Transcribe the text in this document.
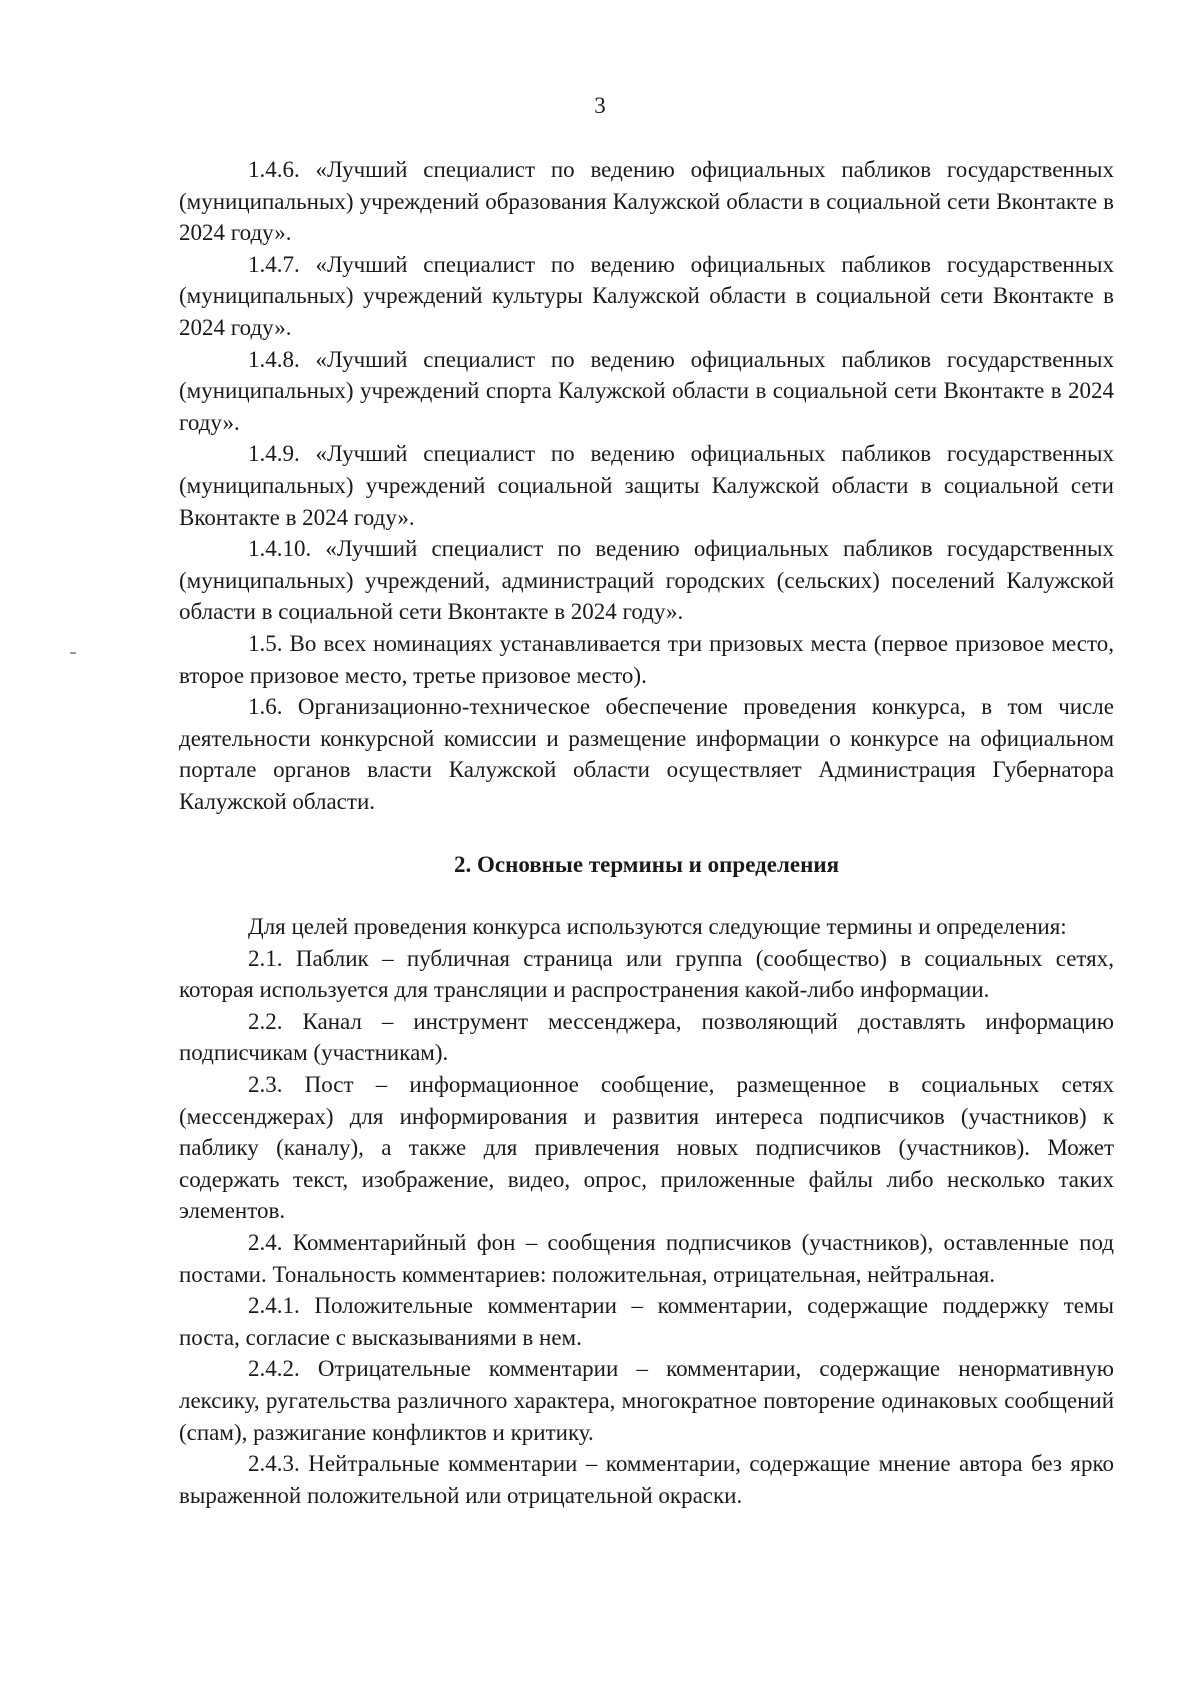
3

1.4.6. «Лучший специалист по ведению официальных пабликов государственных (муниципальных) учреждений образования Калужской области в социальной сети Вконтакте в 2024 году».

1.4.7. «Лучший специалист по ведению официальных пабликов государственных (муниципальных) учреждений культуры Калужской области в социальной сети Вконтакте в 2024 году».

1.4.8. «Лучший специалист по ведению официальных пабликов государственных (муниципальных) учреждений спорта Калужской области в социальной сети Вконтакте в 2024 году».

1.4.9. «Лучший специалист по ведению официальных пабликов государственных (муниципальных) учреждений социальной защиты Калужской области в социальной сети Вконтакте в 2024 году».

1.4.10. «Лучший специалист по ведению официальных пабликов государственных (муниципальных) учреждений, администраций городских (сельских) поселений Калужской области в социальной сети Вконтакте в 2024 году».

1.5. Во всех номинациях устанавливается три призовых места (первое призовое место, второе призовое место, третье призовое место).

1.6. Организационно-техническое обеспечение проведения конкурса, в том числе деятельности конкурсной комиссии и размещение информации о конкурсе на официальном портале органов власти Калужской области осуществляет Администрация Губернатора Калужской области.

2. Основные термины и определения

Для целей проведения конкурса используются следующие термины и определения:

2.1. Паблик – публичная страница или группа (сообщество) в социальных сетях, которая используется для трансляции и распространения какой-либо информации.

2.2. Канал – инструмент мессенджера, позволяющий доставлять информацию подписчикам (участникам).

2.3. Пост – информационное сообщение, размещенное в социальных сетях (мессенджерах) для информирования и развития интереса подписчиков (участников) к паблику (каналу), а также для привлечения новых подписчиков (участников). Может содержать текст, изображение, видео, опрос, приложенные файлы либо несколько таких элементов.

2.4. Комментарийный фон – сообщения подписчиков (участников), оставленные под постами. Тональность комментариев: положительная, отрицательная, нейтральная.

2.4.1. Положительные комментарии – комментарии, содержащие поддержку темы поста, согласие с высказываниями в нем.

2.4.2. Отрицательные комментарии – комментарии, содержащие ненормативную лексику, ругательства различного характера, многократное повторение одинаковых сообщений (спам), разжигание конфликтов и критику.

2.4.3. Нейтральные комментарии – комментарии, содержащие мнение автора без ярко выраженной положительной или отрицательной окраски.
